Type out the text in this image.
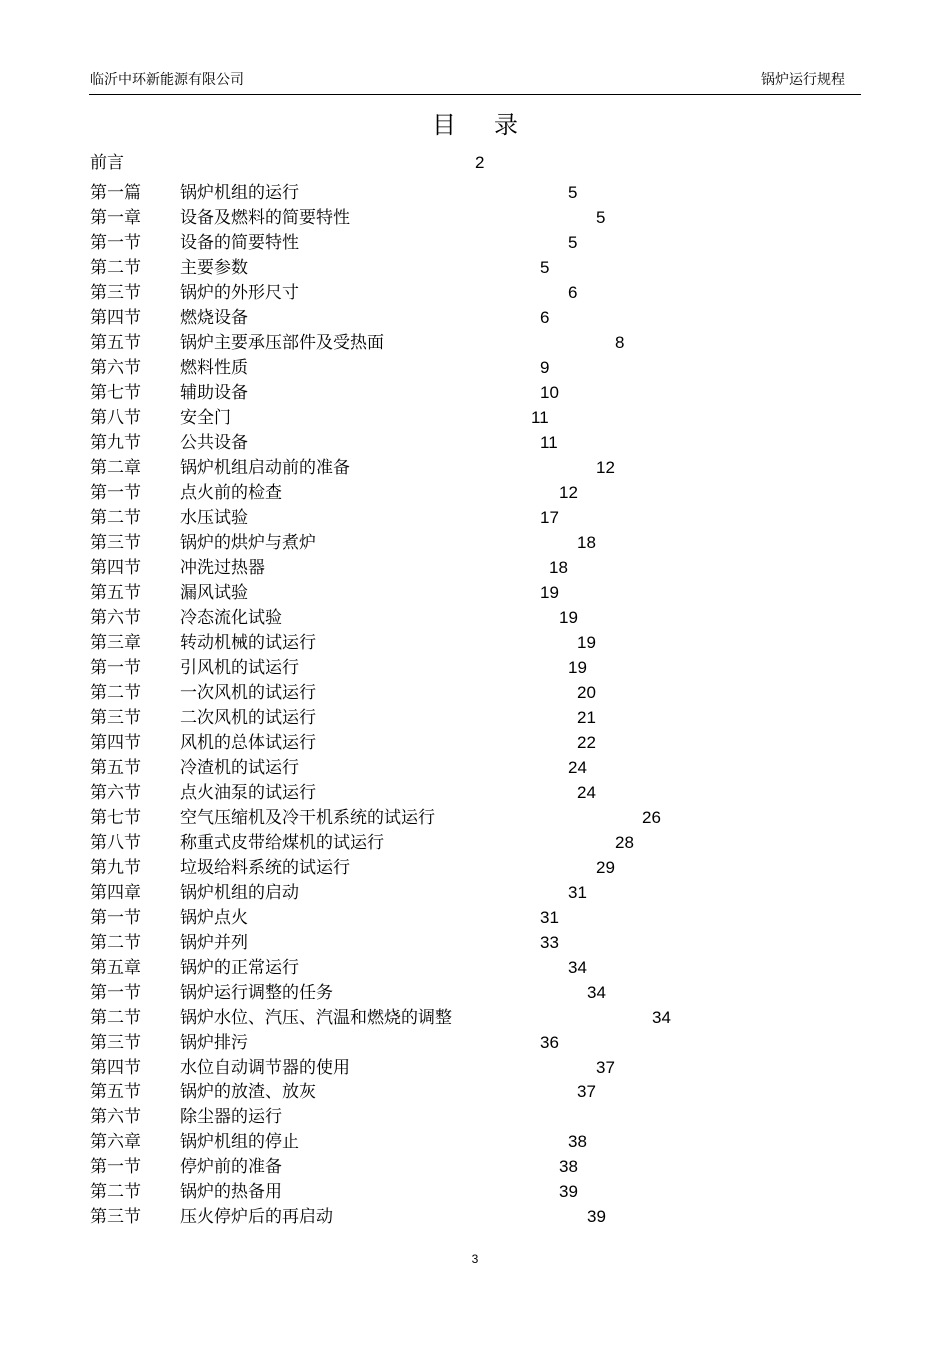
临沂中环新能源有限公司	锅炉运行规程
目录
前言	2
第一篇 锅炉机组的运行	5
第一章 设备及燃料的简要特性	5
第一节 设备的简要特性	5
第二节 主要参数	5
第三节 锅炉的外形尺寸	6
第四节 燃烧设备	6
第五节 锅炉主要承压部件及受热面	8
第六节 燃料性质	9
第七节 辅助设备	10
第八节 安全门	11
第九节 公共设备	11
第二章 锅炉机组启动前的准备	12
第一节 点火前的检查	12
第二节 水压试验	17
第三节 锅炉的烘炉与煮炉	18
第四节 冲洗过热器	18
第五节 漏风试验	19
第六节 冷态流化试验	19
第三章 转动机械的试运行	19
第一节 引风机的试运行	19
第二节 一次风机的试运行	20
第三节 二次风机的试运行	21
第四节 风机的总体试运行	22
第五节 冷渣机的试运行	24
第六节 点火油泵的试运行	24
第七节 空气压缩机及冷干机系统的试运行	26
第八节 称重式皮带给煤机的试运行	28
第九节 垃圾给料系统的试运行	29
第四章 锅炉机组的启动	31
第一节 锅炉点火	31
第二节 锅炉并列	33
第五章 锅炉的正常运行	34
第一节 锅炉运行调整的任务	34
第二节 锅炉水位、汽压、汽温和燃烧的调整	34
第三节 锅炉排污	36
第四节 水位自动调节器的使用	37
第五节 锅炉的放渣、放灰	37
第六节 除尘器的运行
第六章 锅炉机组的停止	38
第一节 停炉前的准备	38
第二节 锅炉的热备用	39
第三节 压火停炉后的再启动	39
3
